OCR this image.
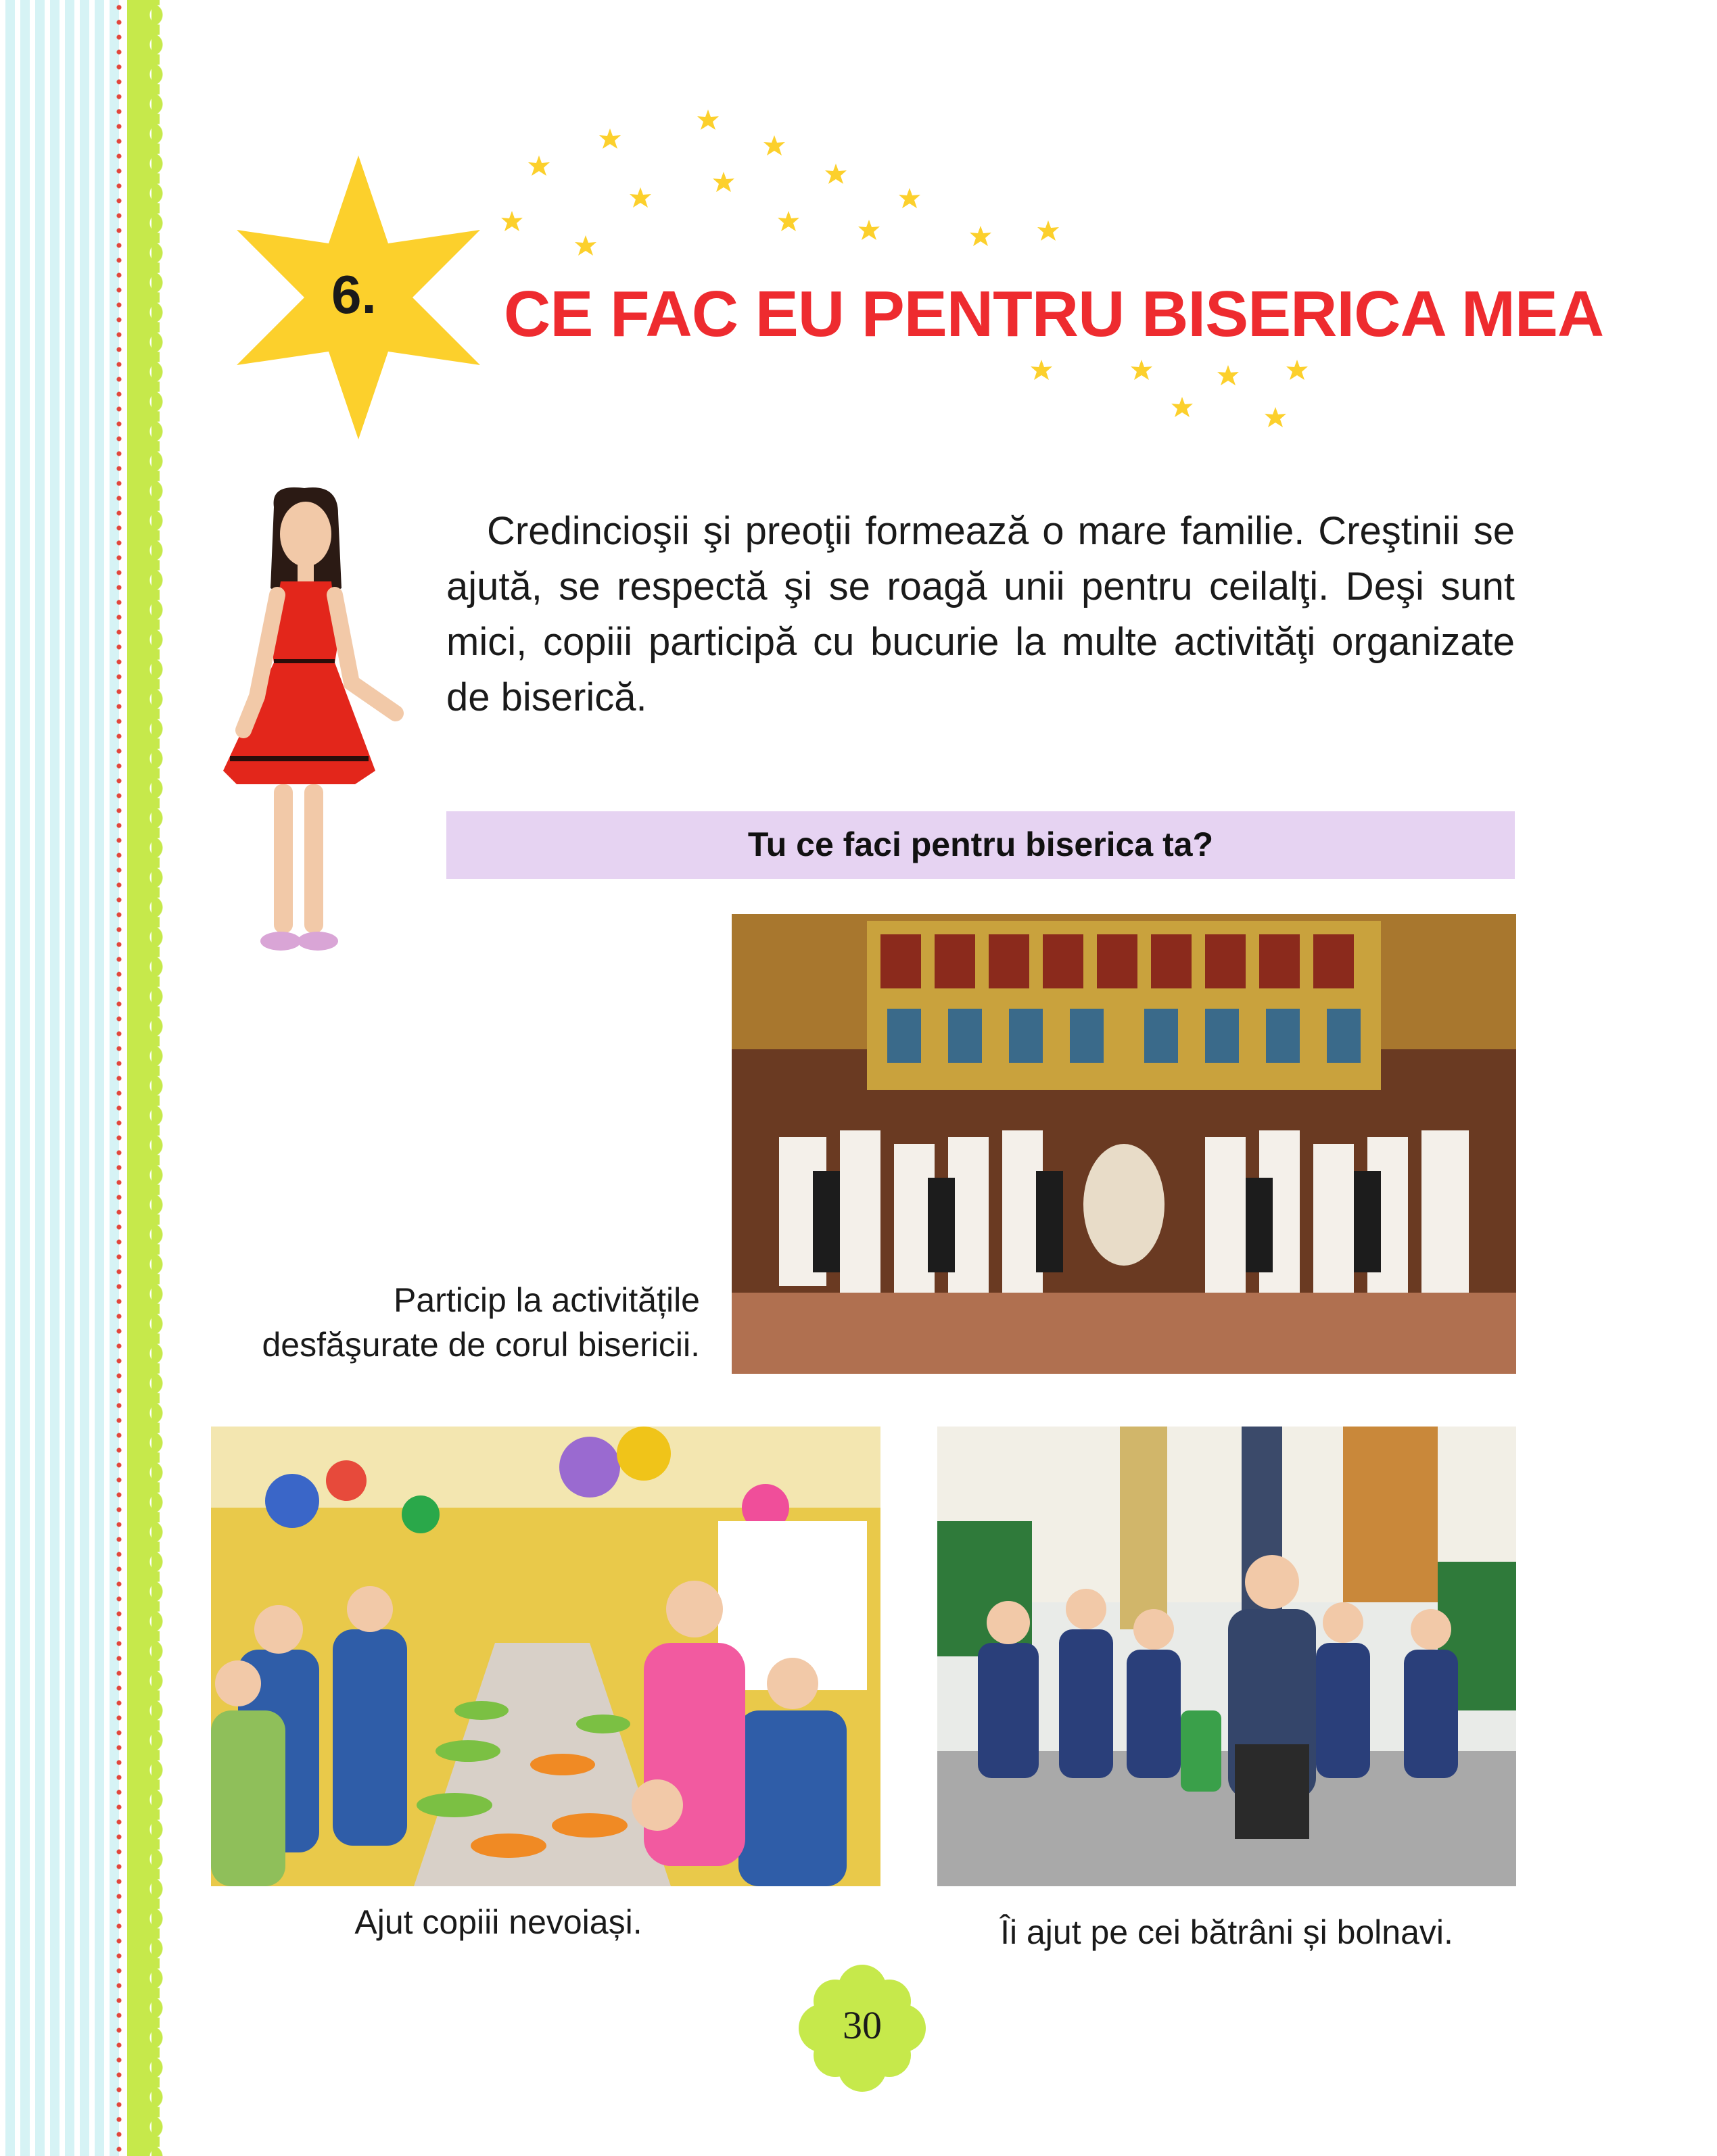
6. CE FAC EU PENTRU BISERICA MEA
Credincioşii şi preoţii formează o mare familie. Creştinii se ajută, se respectă şi se roagă unii pentru ceilalţi. Deşi sunt mici, copiii participă cu bucurie la multe activităţi organizate de biserică.
Tu ce faci pentru biserica ta?
Particip la activitățile
desfăşurate de corul bisericii.
Ajut copiii nevoiași.	Îi ajut pe cei bătrâni și bolnavi.
30
